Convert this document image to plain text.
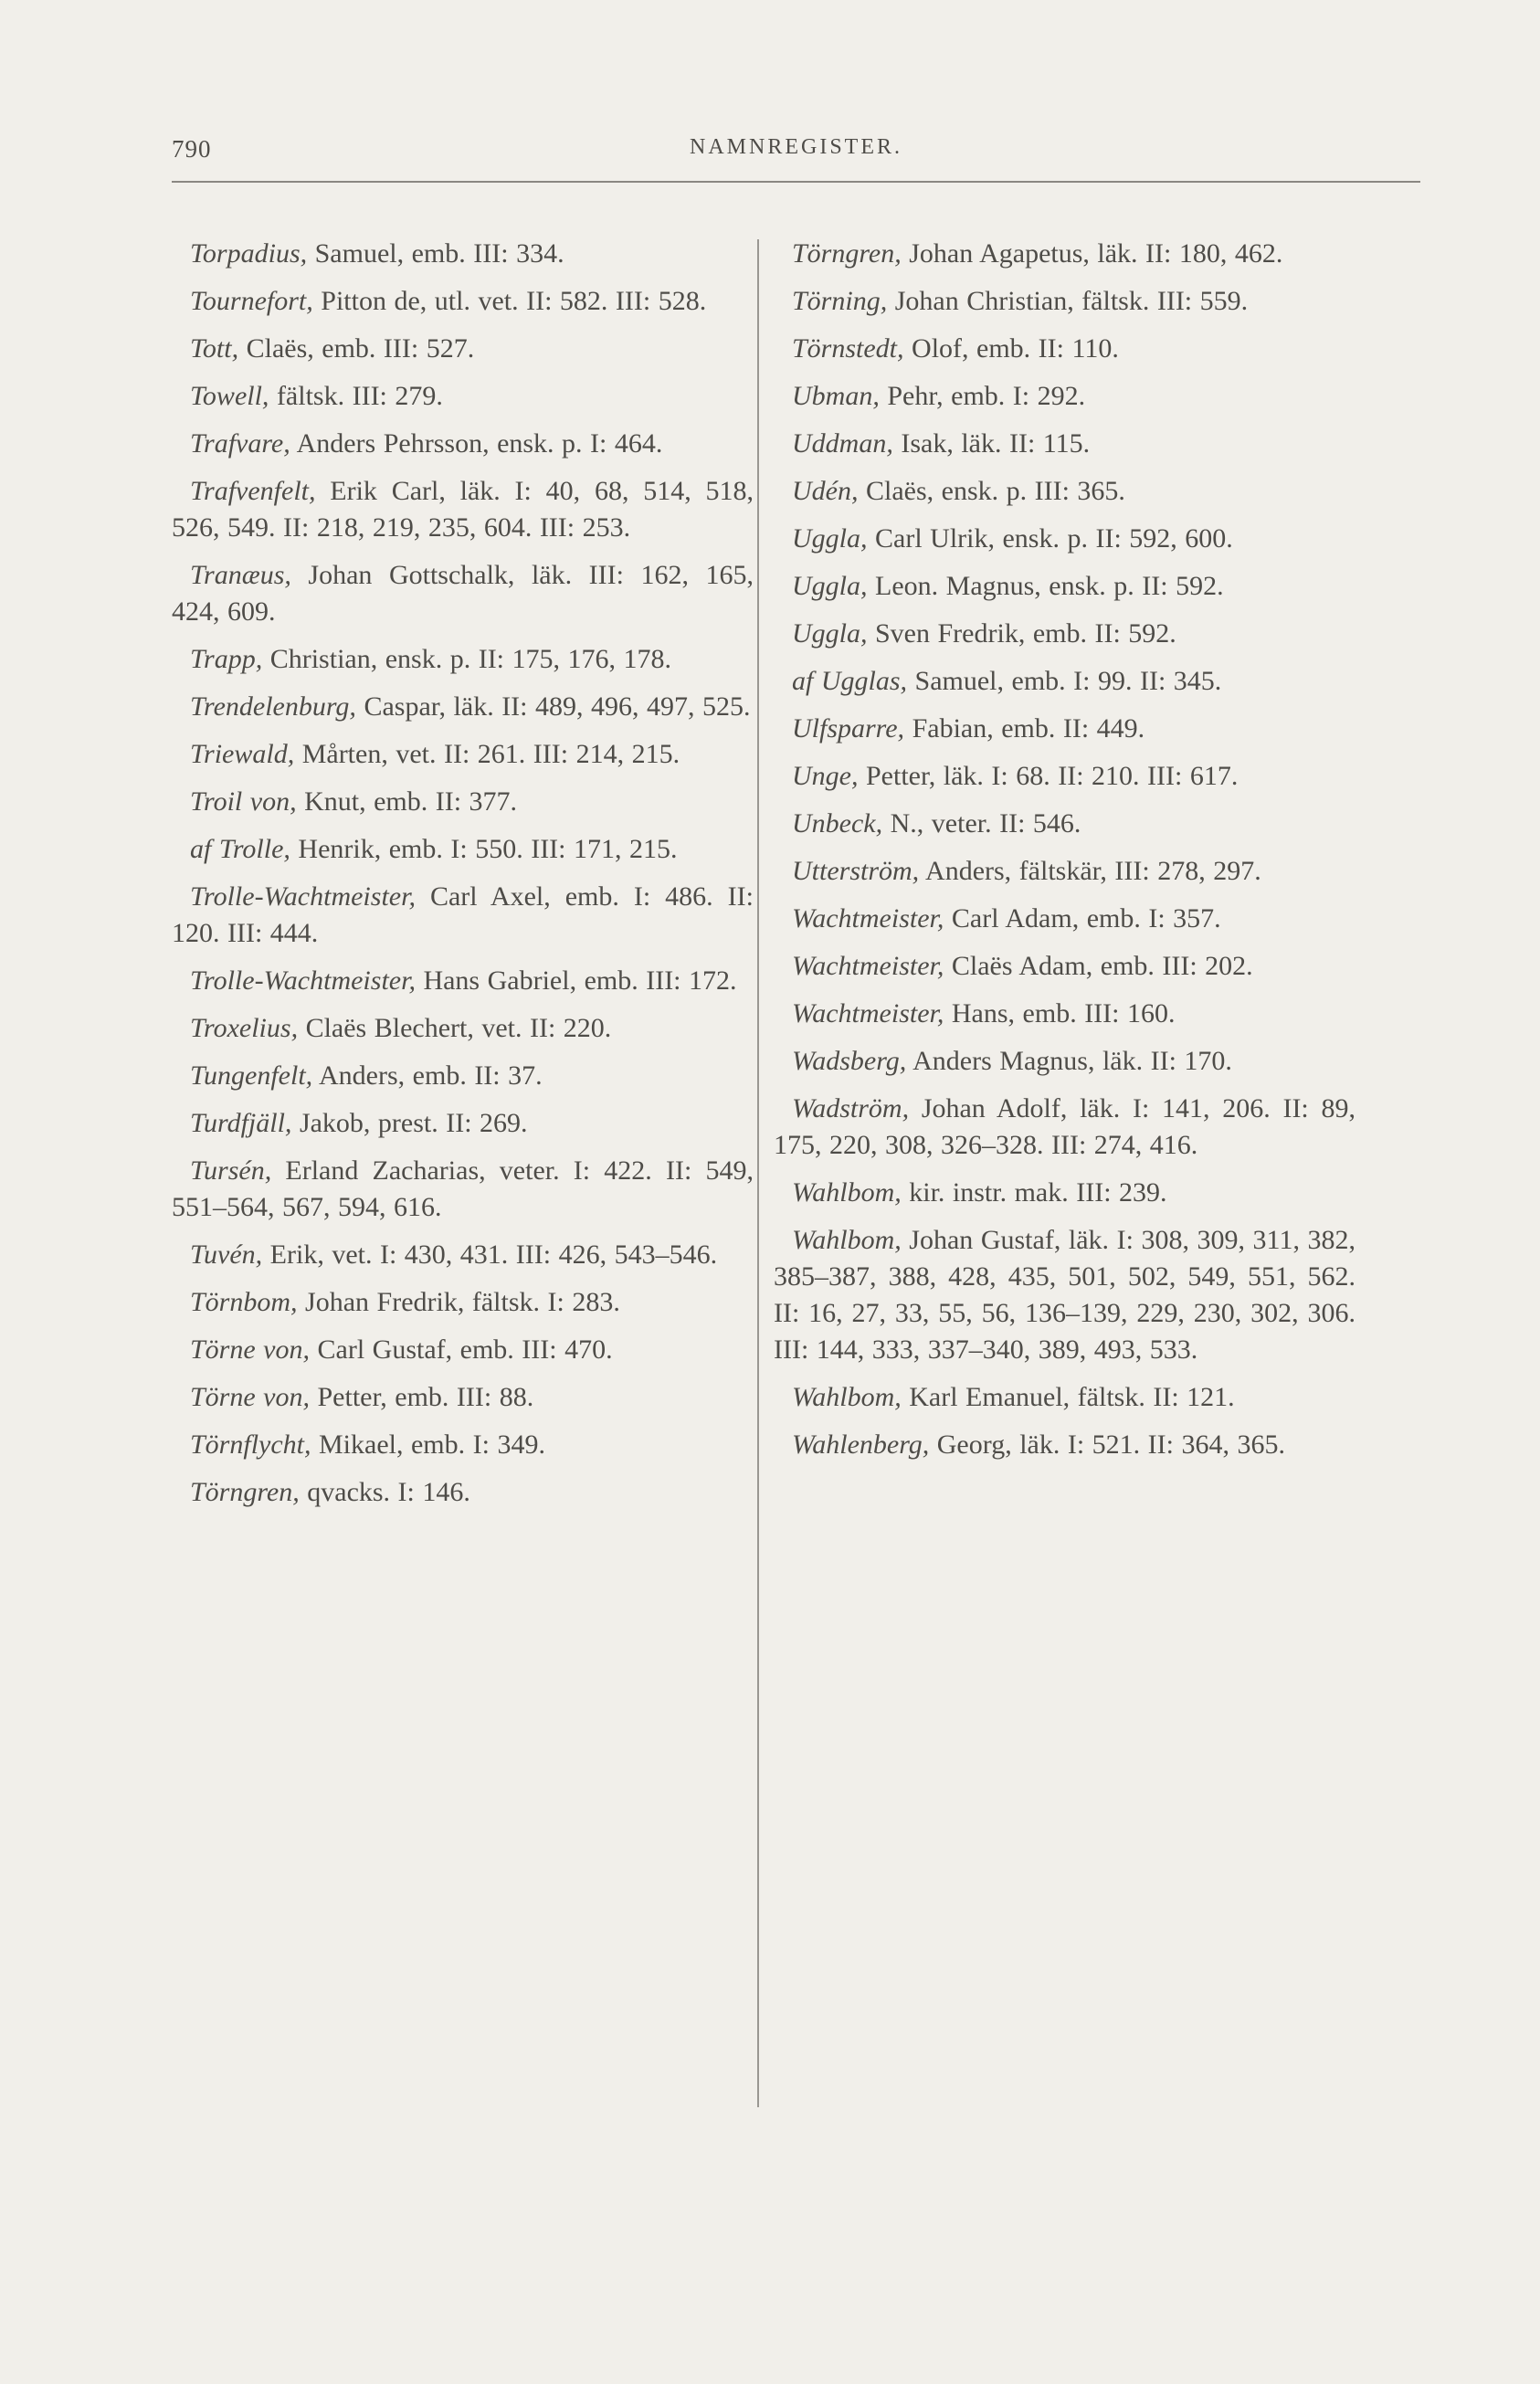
790	NAMNREGISTER.

Torpadius, Samuel, emb. III: 334.

Tournefort, Pitton de, utl. vet. II: 582. III: 528.

Tott, Claës, emb. III: 527.

Towell, fältsk. III: 279.

Trafvare, Anders Pehrsson, ensk. p. I: 464.

Trafvenfelt, Erik Carl, läk. I: 40, 68, 514, 518, 526, 549. II: 218, 219, 235, 604. III: 253.

Tranæus, Johan Gottschalk, läk. III: 162, 165, 424, 609.

Trapp, Christian, ensk. p. II: 175, 176, 178.

Trendelenburg, Caspar, läk. II: 489, 496, 497, 525.

Triewald, Mårten, vet. II: 261. III: 214, 215.

Troil von, Knut, emb. II: 377.

af Trolle, Henrik, emb. I: 550. III: 171, 215.

Trolle-Wachtmeister, Carl Axel, emb. I: 486. II: 120. III: 444.

Trolle-Wachtmeister, Hans Gabriel, emb. III: 172.

Troxelius, Claës Blechert, vet. II: 220.

Tungenfelt, Anders, emb. II: 37.

Turdfjäll, Jakob, prest. II: 269.

Tursén, Erland Zacharias, veter. I: 422. II: 549, 551–564, 567, 594, 616.

Tuvén, Erik, vet. I: 430, 431. III: 426, 543–546.

Törnbom, Johan Fredrik, fältsk. I: 283.

Törne von, Carl Gustaf, emb. III: 470.

Törne von, Petter, emb. III: 88.

Törnflycht, Mikael, emb. I: 349.

Törngren, qvacks. I: 146.

Törngren, Johan Agapetus, läk. II: 180, 462.

Törning, Johan Christian, fältsk. III: 559.

Törnstedt, Olof, emb. II: 110.

Ubman, Pehr, emb. I: 292.

Uddman, Isak, läk. II: 115.

Udén, Claës, ensk. p. III: 365.

Uggla, Carl Ulrik, ensk. p. II: 592, 600.

Uggla, Leon. Magnus, ensk. p. II: 592.

Uggla, Sven Fredrik, emb. II: 592.

af Ugglas, Samuel, emb. I: 99. II: 345.

Ulfsparre, Fabian, emb. II: 449.

Unge, Petter, läk. I: 68. II: 210. III: 617.

Unbeck, N., veter. II: 546.

Utterström, Anders, fältskär, III: 278, 297.

Wachtmeister, Carl Adam, emb. I: 357.

Wachtmeister, Claës Adam, emb. III: 202.

Wachtmeister, Hans, emb. III: 160.

Wadsberg, Anders Magnus, läk. II: 170.

Wadström, Johan Adolf, läk. I: 141, 206. II: 89, 175, 220, 308, 326–328. III: 274, 416.

Wahlbom, kir. instr. mak. III: 239.

Wahlbom, Johan Gustaf, läk. I: 308, 309, 311, 382, 385–387, 388, 428, 435, 501, 502, 549, 551, 562. II: 16, 27, 33, 55, 56, 136–139, 229, 230, 302, 306. III: 144, 333, 337–340, 389, 493, 533.

Wahlbom, Karl Emanuel, fältsk. II: 121.

Wahlenberg, Georg, läk. I: 521. II: 364, 365.
